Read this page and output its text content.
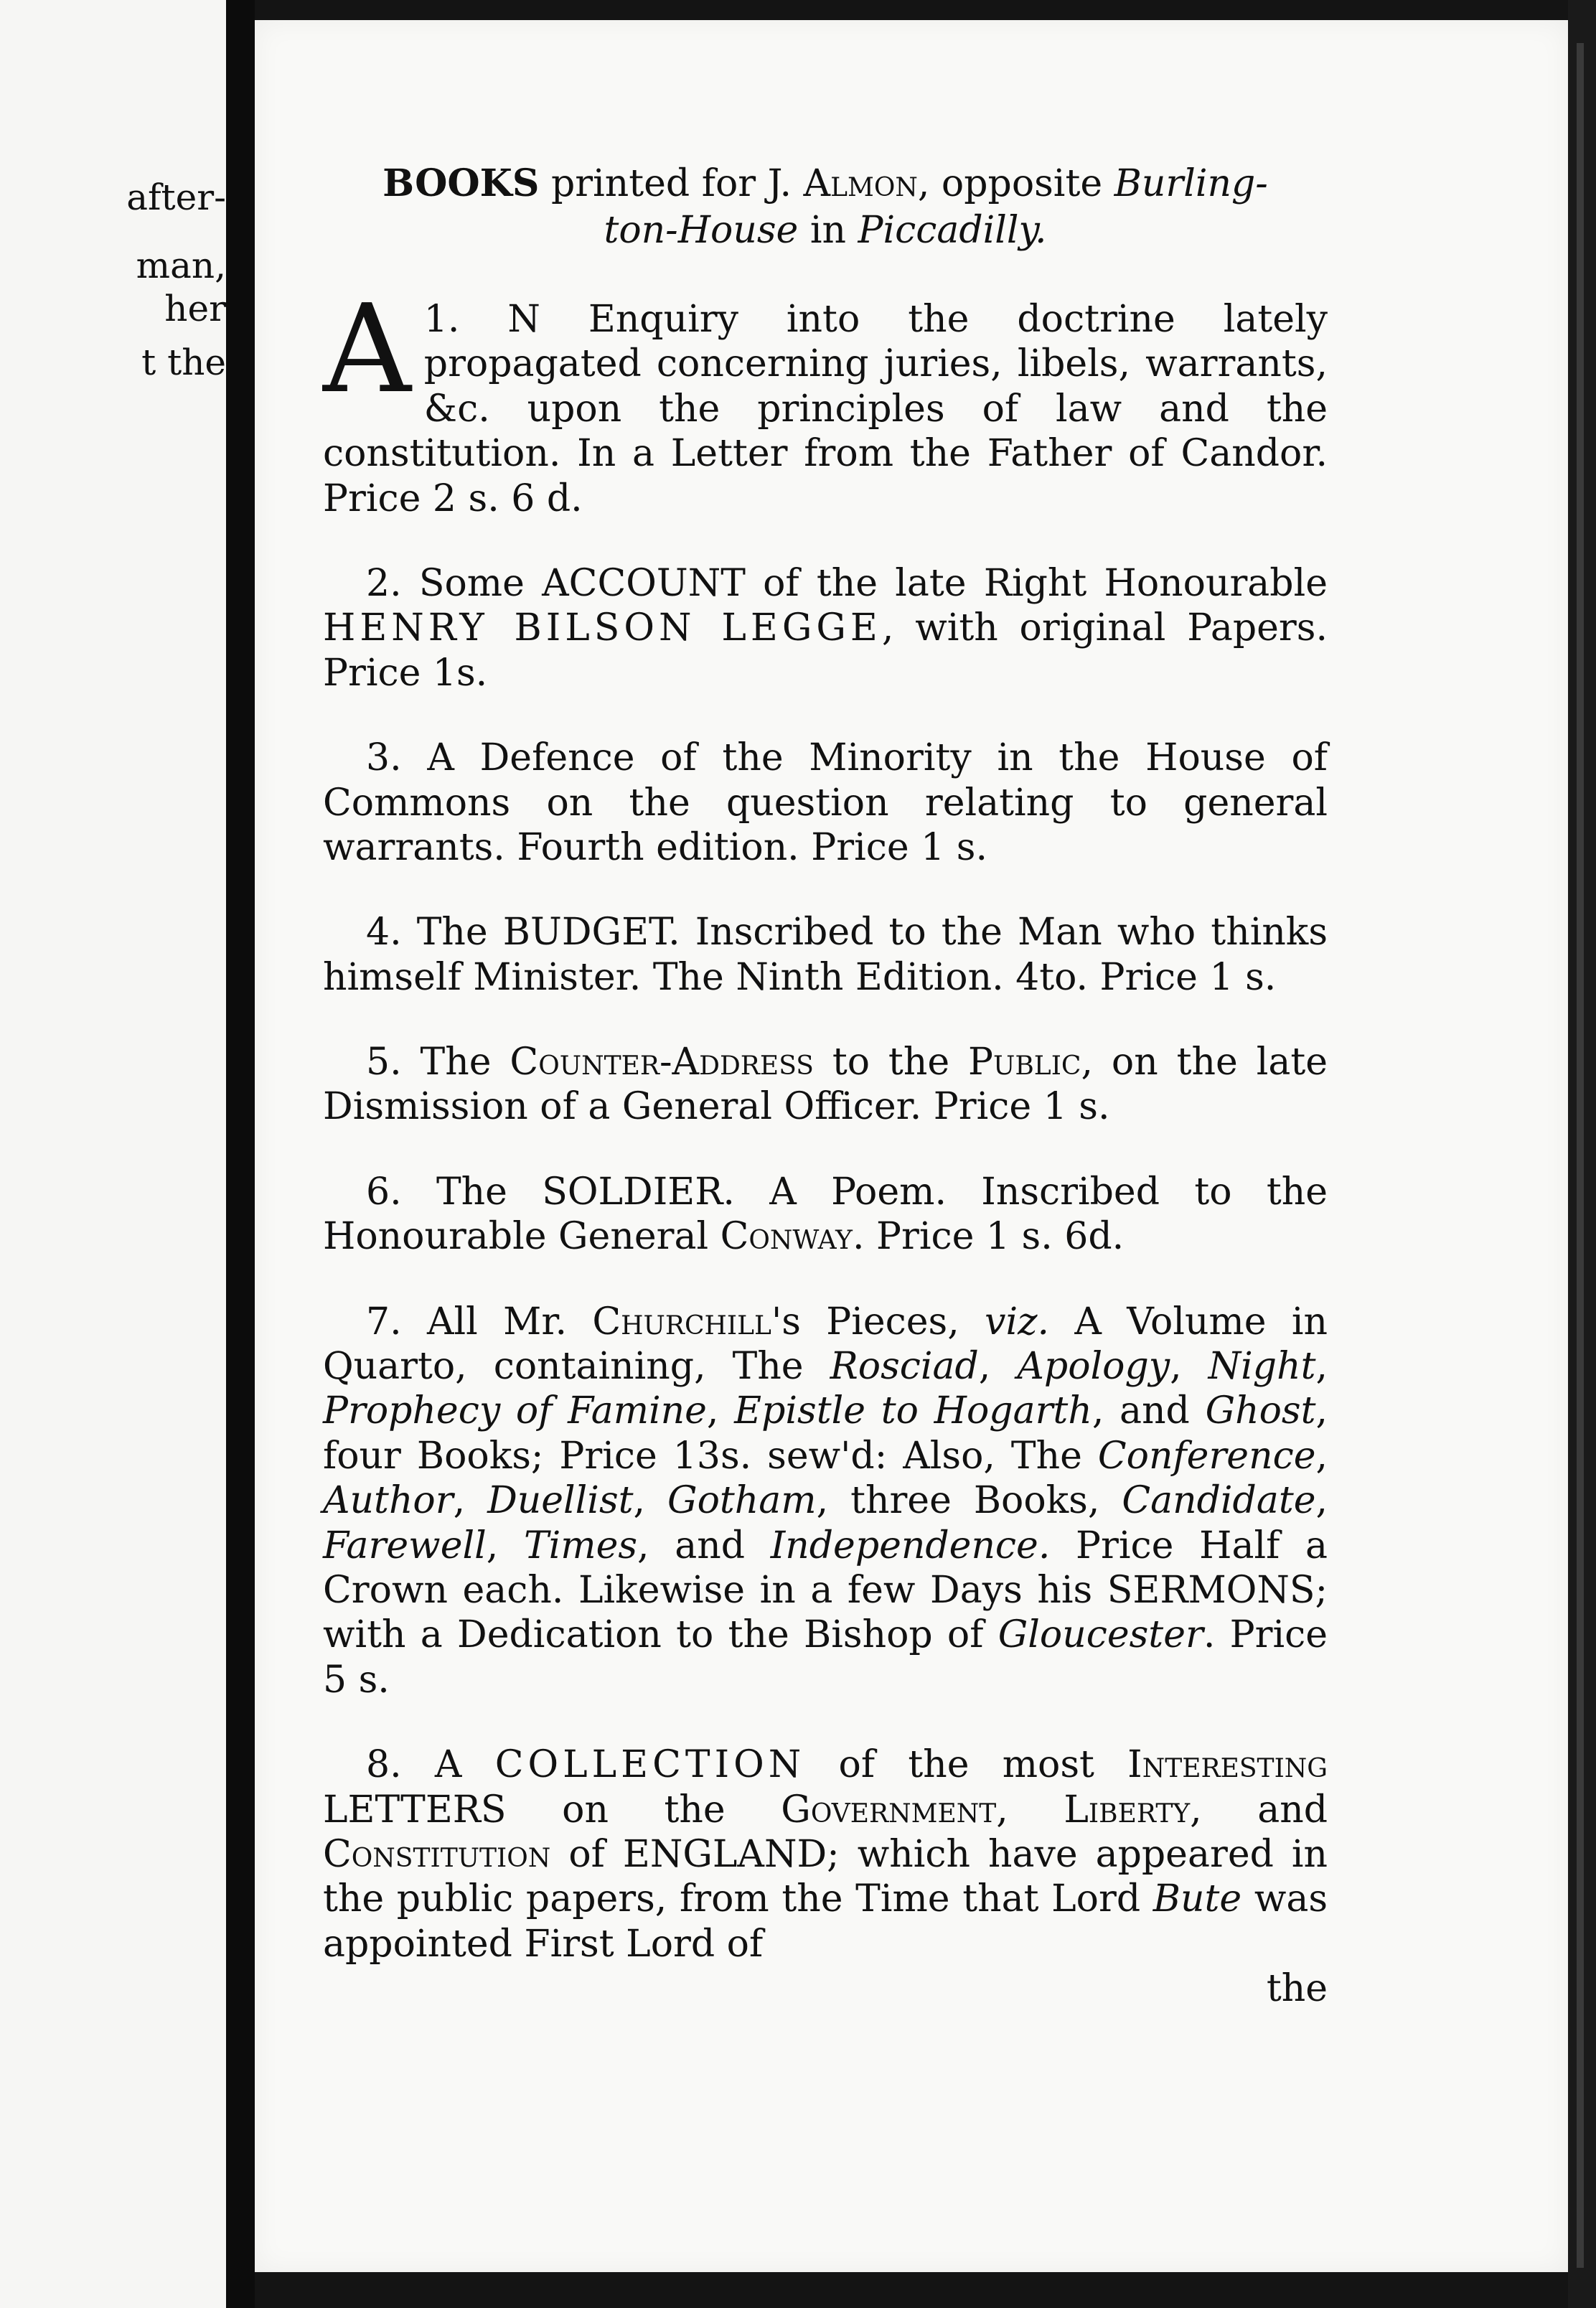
after-

man,

her

t the

BOOKS printed for J. Almon, opposite Burling-
ton-House in Piccadilly.

1.
A	N Enquiry into the doctrine lately propagated concerning juries, libels, warrants, &c. upon the principles of law and the constitution. In a Letter from the Father of Candor. Price 2 s. 6 d.

2. Some ACCOUNT of the late Right Honourable HENRY BILSON LEGGE, with original Papers. Price 1s.

3. A Defence of the Minority in the House of Commons on the question relating to general warrants. Fourth edition. Price 1 s.

4. The BUDGET. Inscribed to the Man who thinks himself Minister. The Ninth Edition. 4to. Price 1 s.

5. The Counter-Address to the Public, on the late Dismission of a General Officer. Price 1 s.

6. The SOLDIER. A Poem. Inscribed to the Honourable General Conway. Price 1 s. 6d.

7. All Mr. Churchill's Pieces, viz. A Volume in Quarto, containing, The Rosciad, Apology, Night, Prophecy of Famine, Epistle to Hogarth, and Ghost, four Books; Price 13s. sew'd: Also, The Conference, Author, Duellist, Gotham, three Books, Candidate, Farewell, Times, and Independence. Price Half a Crown each. Likewise in a few Days his SERMONS; with a Dedication to the Bishop of Gloucester. Price 5 s.

8. A COLLECTION of the most Interesting LETTERS on the Government, Liberty, and Constitution of ENGLAND; which have appeared in the public papers, from the Time that Lord Bute was appointed First Lord of

the
